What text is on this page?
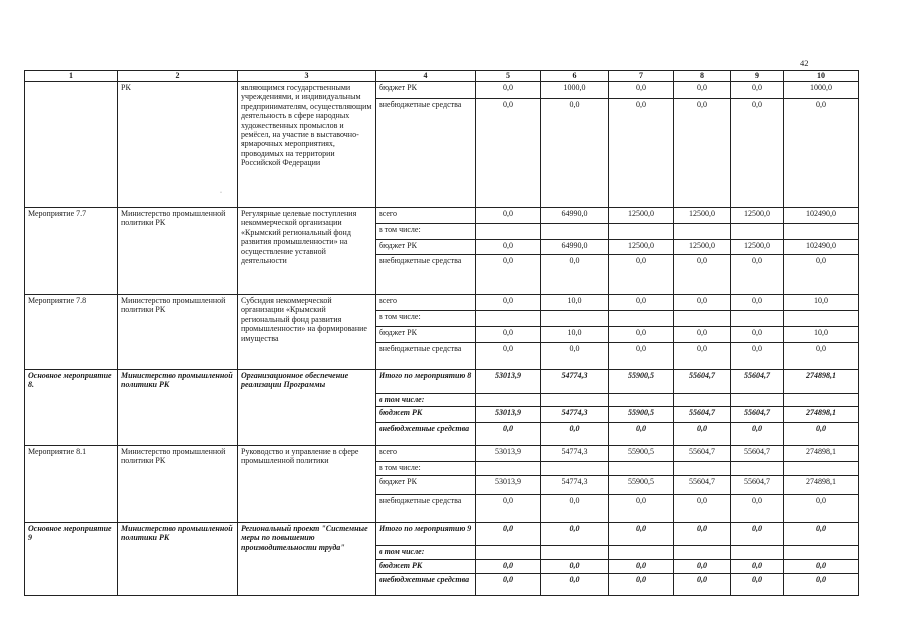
42
·
1	2	3	4	5	6	7	8	9	10
	РК	являющимся государственными учреждениями, и индивидуальным предпринимателям, осуществляющим деятельность в сфере народных художественных промыслов и ремёсел, на участие в выставочно-ярмарочных мероприятиях, проводимых на территории Российской Федерации	бюджет РК	0,0	1000,0	0,0	0,0	0,0	1000,0
			внебюджетные средства	0,0	0,0	0,0	0,0	0,0	0,0
Мероприятие 7.7	Министерство промышленной политики РК	Регулярные целевые поступления некоммерческой организации «Крымский региональный фонд развития промышленности» на осуществление уставной деятельности	всего	0,0	64990,0	12500,0	12500,0	12500,0	102490,0
			в том числе:						
			бюджет РК	0,0	64990,0	12500,0	12500,0	12500,0	102490,0
			внебюджетные средства	0,0	0,0	0,0	0,0	0,0	0,0
Мероприятие 7.8	Министерство промышленной политики РК	Субсидия некоммерческой организации «Крымский региональный фонд развития промышленности» на формирование имущества	всего	0,0	10,0	0,0	0,0	0,0	10,0
			в том числе:						
			бюджет РК	0,0	10,0	0,0	0,0	0,0	10,0
			внебюджетные средства	0,0	0,0	0,0	0,0	0,0	0,0
Основное мероприятие 8.	Министерство промышленной политики РК	Организационное обеспечение реализации Программы	Итого по мероприятию 8	53013,9	54774,3	55900,5	55604,7	55604,7	274898,1
			в том числе:						
			бюджет РК	53013,9	54774,3	55900,5	55604,7	55604,7	274898,1
			внебюджетные средства	0,0	0,0	0,0	0,0	0,0	0,0
Мероприятие 8.1	Министерство промышленной политики РК	Руководство и управление в сфере промышленной политики	всего	53013,9	54774,3	55900,5	55604,7	55604,7	274898,1
			в том числе:						
			бюджет РК	53013,9	54774,3	55900,5	55604,7	55604,7	274898,1
			внебюджетные средства	0,0	0,0	0,0	0,0	0,0	0,0
Основное мероприятие 9	Министерство промышленной политики РК	Региональный проект "Системные меры по повышению производительности труда"	Итого по мероприятию 9	0,0	0,0	0,0	0,0	0,0	0,0
			в том числе:						
			бюджет РК	0,0	0,0	0,0	0,0	0,0	0,0
			внебюджетные средства	0,0	0,0	0,0	0,0	0,0	0,0
